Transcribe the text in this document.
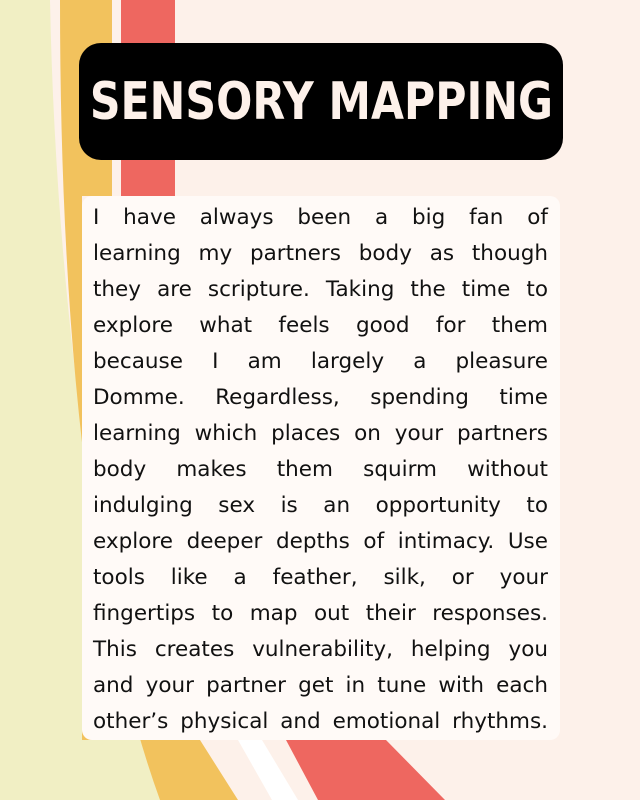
SENSORY MAPPING
I have always been a big fan of
learning my partners body as though
they are scripture. Taking the time to
explore what feels good for them
because I am largely a pleasure
Domme. Regardless, spending time
learning which places on your partners
body makes them squirm without
indulging sex is an opportunity to
explore deeper depths of intimacy. Use
tools like a feather, silk, or your
fingertips to map out their responses.
This creates vulnerability, helping you
and your partner get in tune with each
other’s physical and emotional rhythms.
